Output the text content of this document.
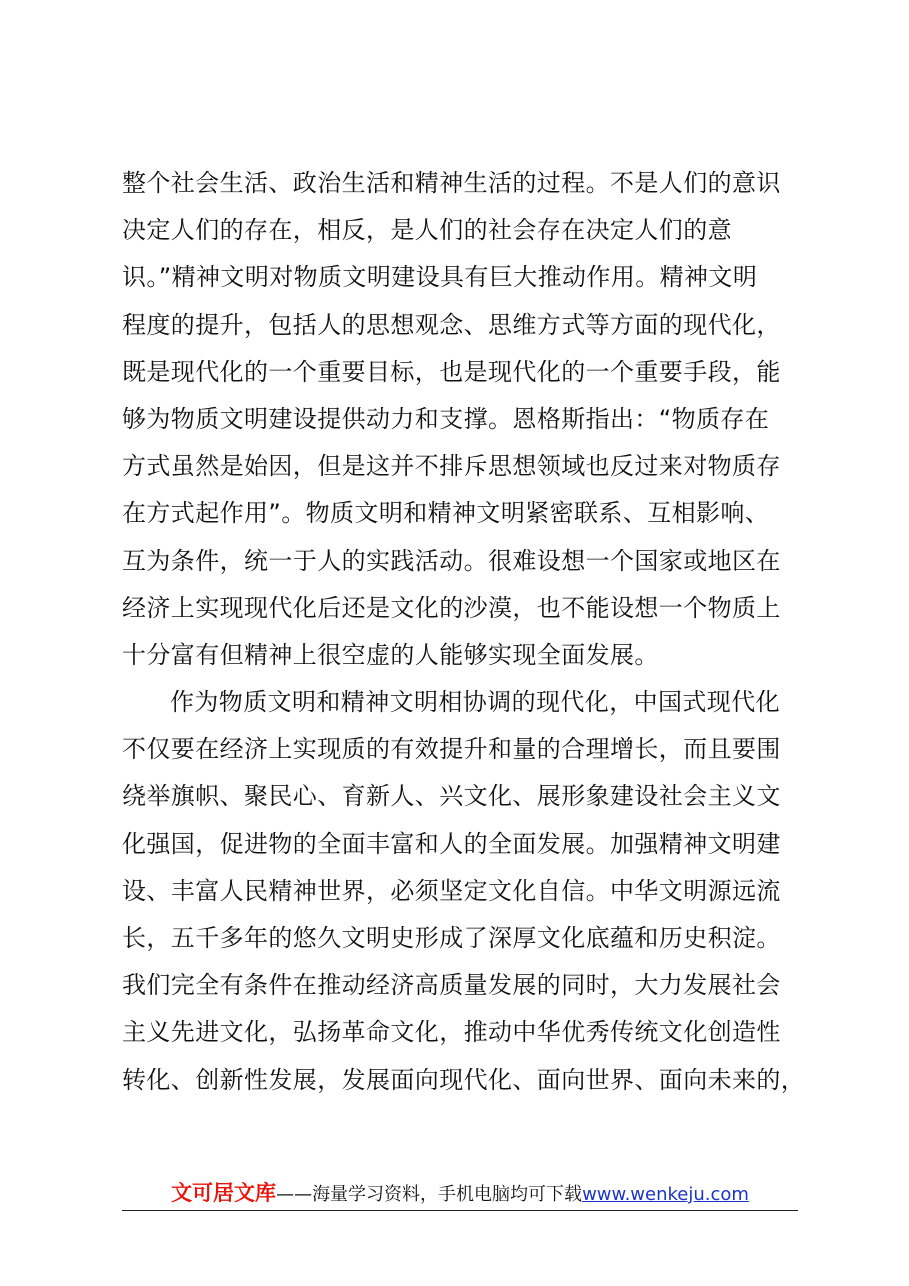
整个社会生活、政治生活和精神生活的过程。不是人们的意识
决定人们的存在，相反，是人们的社会存在决定人们的意
识。”精神文明对物质文明建设具有巨大推动作用。精神文明
程度的提升，包括人的思想观念、思维方式等方面的现代化，
既是现代化的一个重要目标，也是现代化的一个重要手段，能
够为物质文明建设提供动力和支撑。恩格斯指出：“物质存在
方式虽然是始因，但是这并不排斥思想领域也反过来对物质存
在方式起作用”。物质文明和精神文明紧密联系、互相影响、
互为条件，统一于人的实践活动。很难设想一个国家或地区在
经济上实现现代化后还是文化的沙漠，也不能设想一个物质上
十分富有但精神上很空虚的人能够实现全面发展。
作为物质文明和精神文明相协调的现代化，中国式现代化
不仅要在经济上实现质的有效提升和量的合理增长，而且要围
绕举旗帜、聚民心、育新人、兴文化、展形象建设社会主义文
化强国，促进物的全面丰富和人的全面发展。加强精神文明建
设、丰富人民精神世界，必须坚定文化自信。中华文明源远流
长，五千多年的悠久文明史形成了深厚文化底蕴和历史积淀。
我们完全有条件在推动经济高质量发展的同时，大力发展社会
主义先进文化，弘扬革命文化，推动中华优秀传统文化创造性
转化、创新性发展，发展面向现代化、面向世界、面向未来的，
文可居文库——海量学习资料，手机电脑均可下载www.wenkeju.com
